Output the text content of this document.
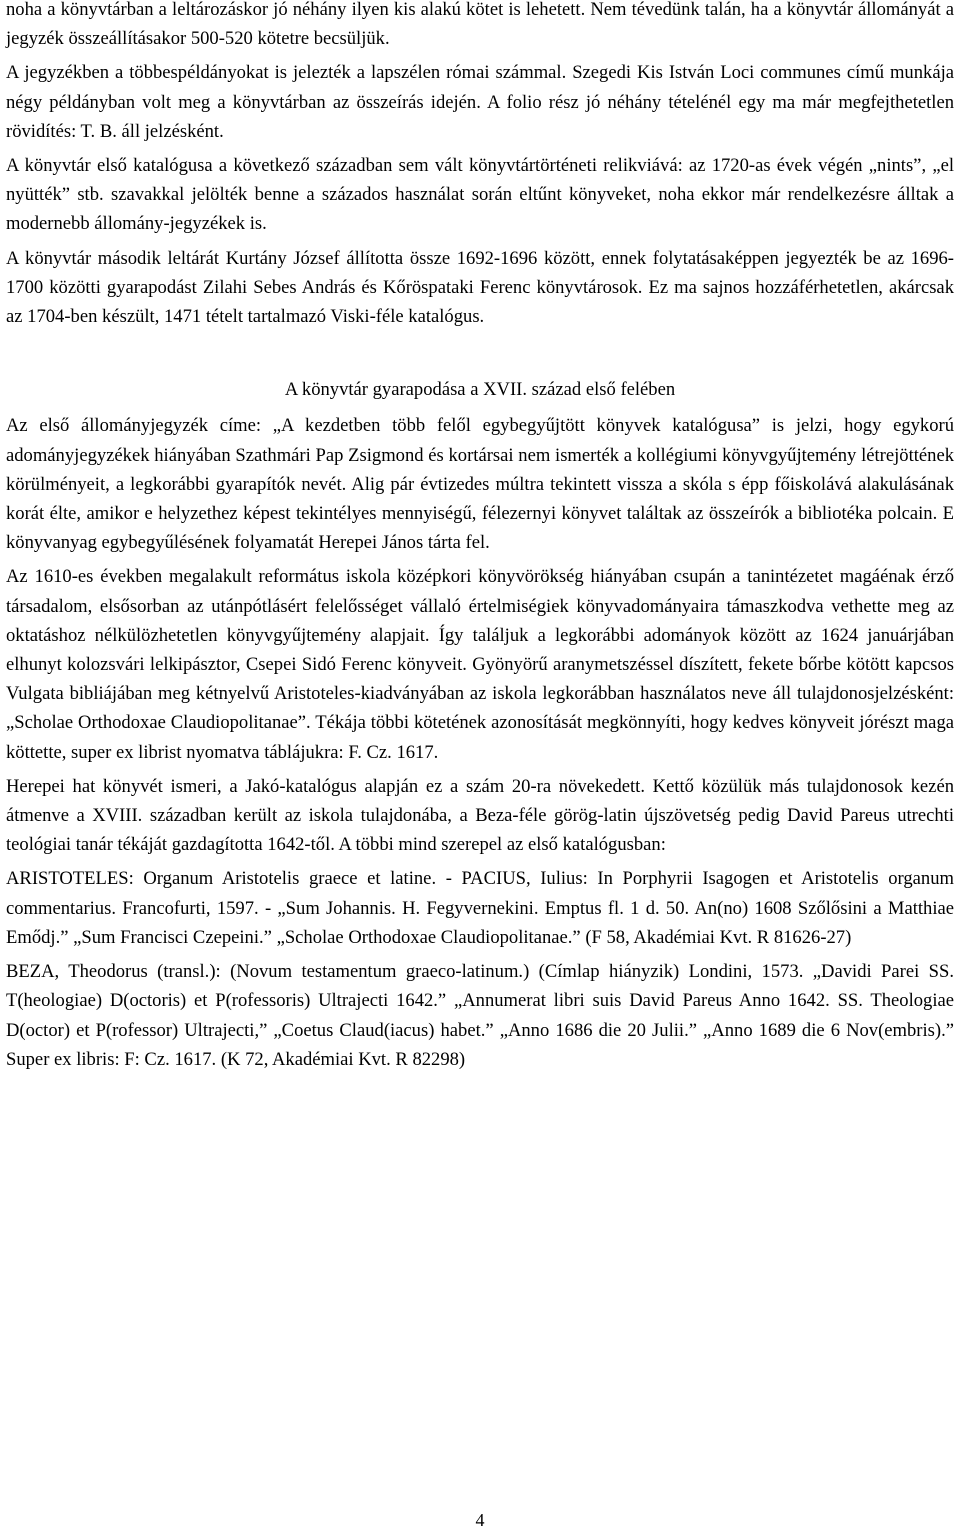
noha a könyvtárban a leltározáskor jó néhány ilyen kis alakú kötet is lehetett. Nem tévedünk talán, ha a könyvtár állományát a jegyzék összeállításakor 500-520 kötetre becsüljük.

A jegyzékben a többespéldányokat is jelezték a lapszélen római számmal. Szegedi Kis István Loci communes című munkája négy példányban volt meg a könyvtárban az összeírás idején. A folio rész jó néhány tételénél egy ma már megfejthetetlen rövidítés: T. B. áll jelzésként.

A könyvtár első katalógusa a következő században sem vált könyvtártörténeti relikviává: az 1720-as évek végén „nints”, „el nyütték” stb. szavakkal jelölték benne a százados használat során eltűnt könyveket, noha ekkor már rendelkezésre álltak a modernebb állomány-jegyzékek is.

A könyvtár második leltárát Kurtány József állította össze 1692-1696 között, ennek folytatásaképpen jegyezték be az 1696-1700 közötti gyarapodást Zilahi Sebes András és Kőröspataki Ferenc könyvtárosok. Ez ma sajnos hozzáférhetetlen, akárcsak az 1704-ben készült, 1471 tételt tartalmazó Viski-féle katalógus.

A könyvtár gyarapodása a XVII. század első felében

Az első állományjegyzék címe: „A kezdetben több felől egybegyűjtött könyvek katalógusa” is jelzi, hogy egykorú adományjegyzékek hiányában Szathmári Pap Zsigmond és kortársai nem ismerték a kollégiumi könyvgyűjtemény létrejöttének körülményeit, a legkorábbi gyarapítók nevét. Alig pár évtizedes múltra tekintett vissza a skóla s épp főiskolává alakulásának korát élte, amikor e helyzethez képest tekintélyes mennyiségű, félezernyi könyvet találtak az összeírók a bibliotéka polcain. E könyvanyag egybegyűlésének folyamatát Herepei János tárta fel.

Az 1610-es években megalakult református iskola középkori könyvörökség hiányában csupán a tanintézetet magáénak érző társadalom, elsősorban az utánpótlásért felelősséget vállaló értelmiségiek könyvadományaira támaszkodva vethette meg az oktatáshoz nélkülözhetetlen könyvgyűjtemény alapjait. Így találjuk a legkorábbi adományok között az 1624 januárjában elhunyt kolozsvári lelkipásztor, Csepei Sidó Ferenc könyveit. Gyönyörű aranymetszéssel díszített, fekete bőrbe kötött kapcsos Vulgata bibliájában meg kétnyelvű Aristoteles-kiadványában az iskola legkorábban használatos neve áll tulajdonosjelzésként: „Scholae Orthodoxae Claudiopolitanae”. Tékája többi kötetének azonosítását megkönnyíti, hogy kedves könyveit jórészt maga köttette, super ex librist nyomatva táblájukra: F. Cz. 1617.

Herepei hat könyvét ismeri, a Jakó-katalógus alapján ez a szám 20-ra növekedett. Kettő közülük más tulajdonosok kezén átmenve a XVIII. században került az iskola tulajdonába, a Beza-féle görög-latin újszövetség pedig David Pareus utrechti teológiai tanár tékáját gazdagította 1642-től. A többi mind szerepel az első katalógusban:

ARISTOTELES: Organum Aristotelis graece et latine. - PACIUS, Iulius: In Porphyrii Isagogen et Aristotelis organum commentarius. Francofurti, 1597. - „Sum Johannis. H. Fegyvernekini. Emptus fl. 1 d. 50. An(no) 1608 Szőlősini a Matthiae Emődj.” „Sum Francisci Czepeini.” „Scholae Orthodoxae Claudiopolitanae.” (F 58, Akadémiai Kvt. R 81626-27)

BEZA, Theodorus (transl.): (Novum testamentum graeco-latinum.) (Címlap hiányzik) Londini, 1573. „Davidi Parei SS. T(heologiae) D(octoris) et P(rofessoris) Ultrajecti 1642.” „Annumerat libri suis David Pareus Anno 1642. SS. Theologiae D(octor) et P(rofessor) Ultrajecti,” „Coetus Claud(iacus) habet.” „Anno 1686 die 20 Julii.” „Anno 1689 die 6 Nov(embris).” Super ex libris: F: Cz. 1617. (K 72, Akadémiai Kvt. R 82298)

4
